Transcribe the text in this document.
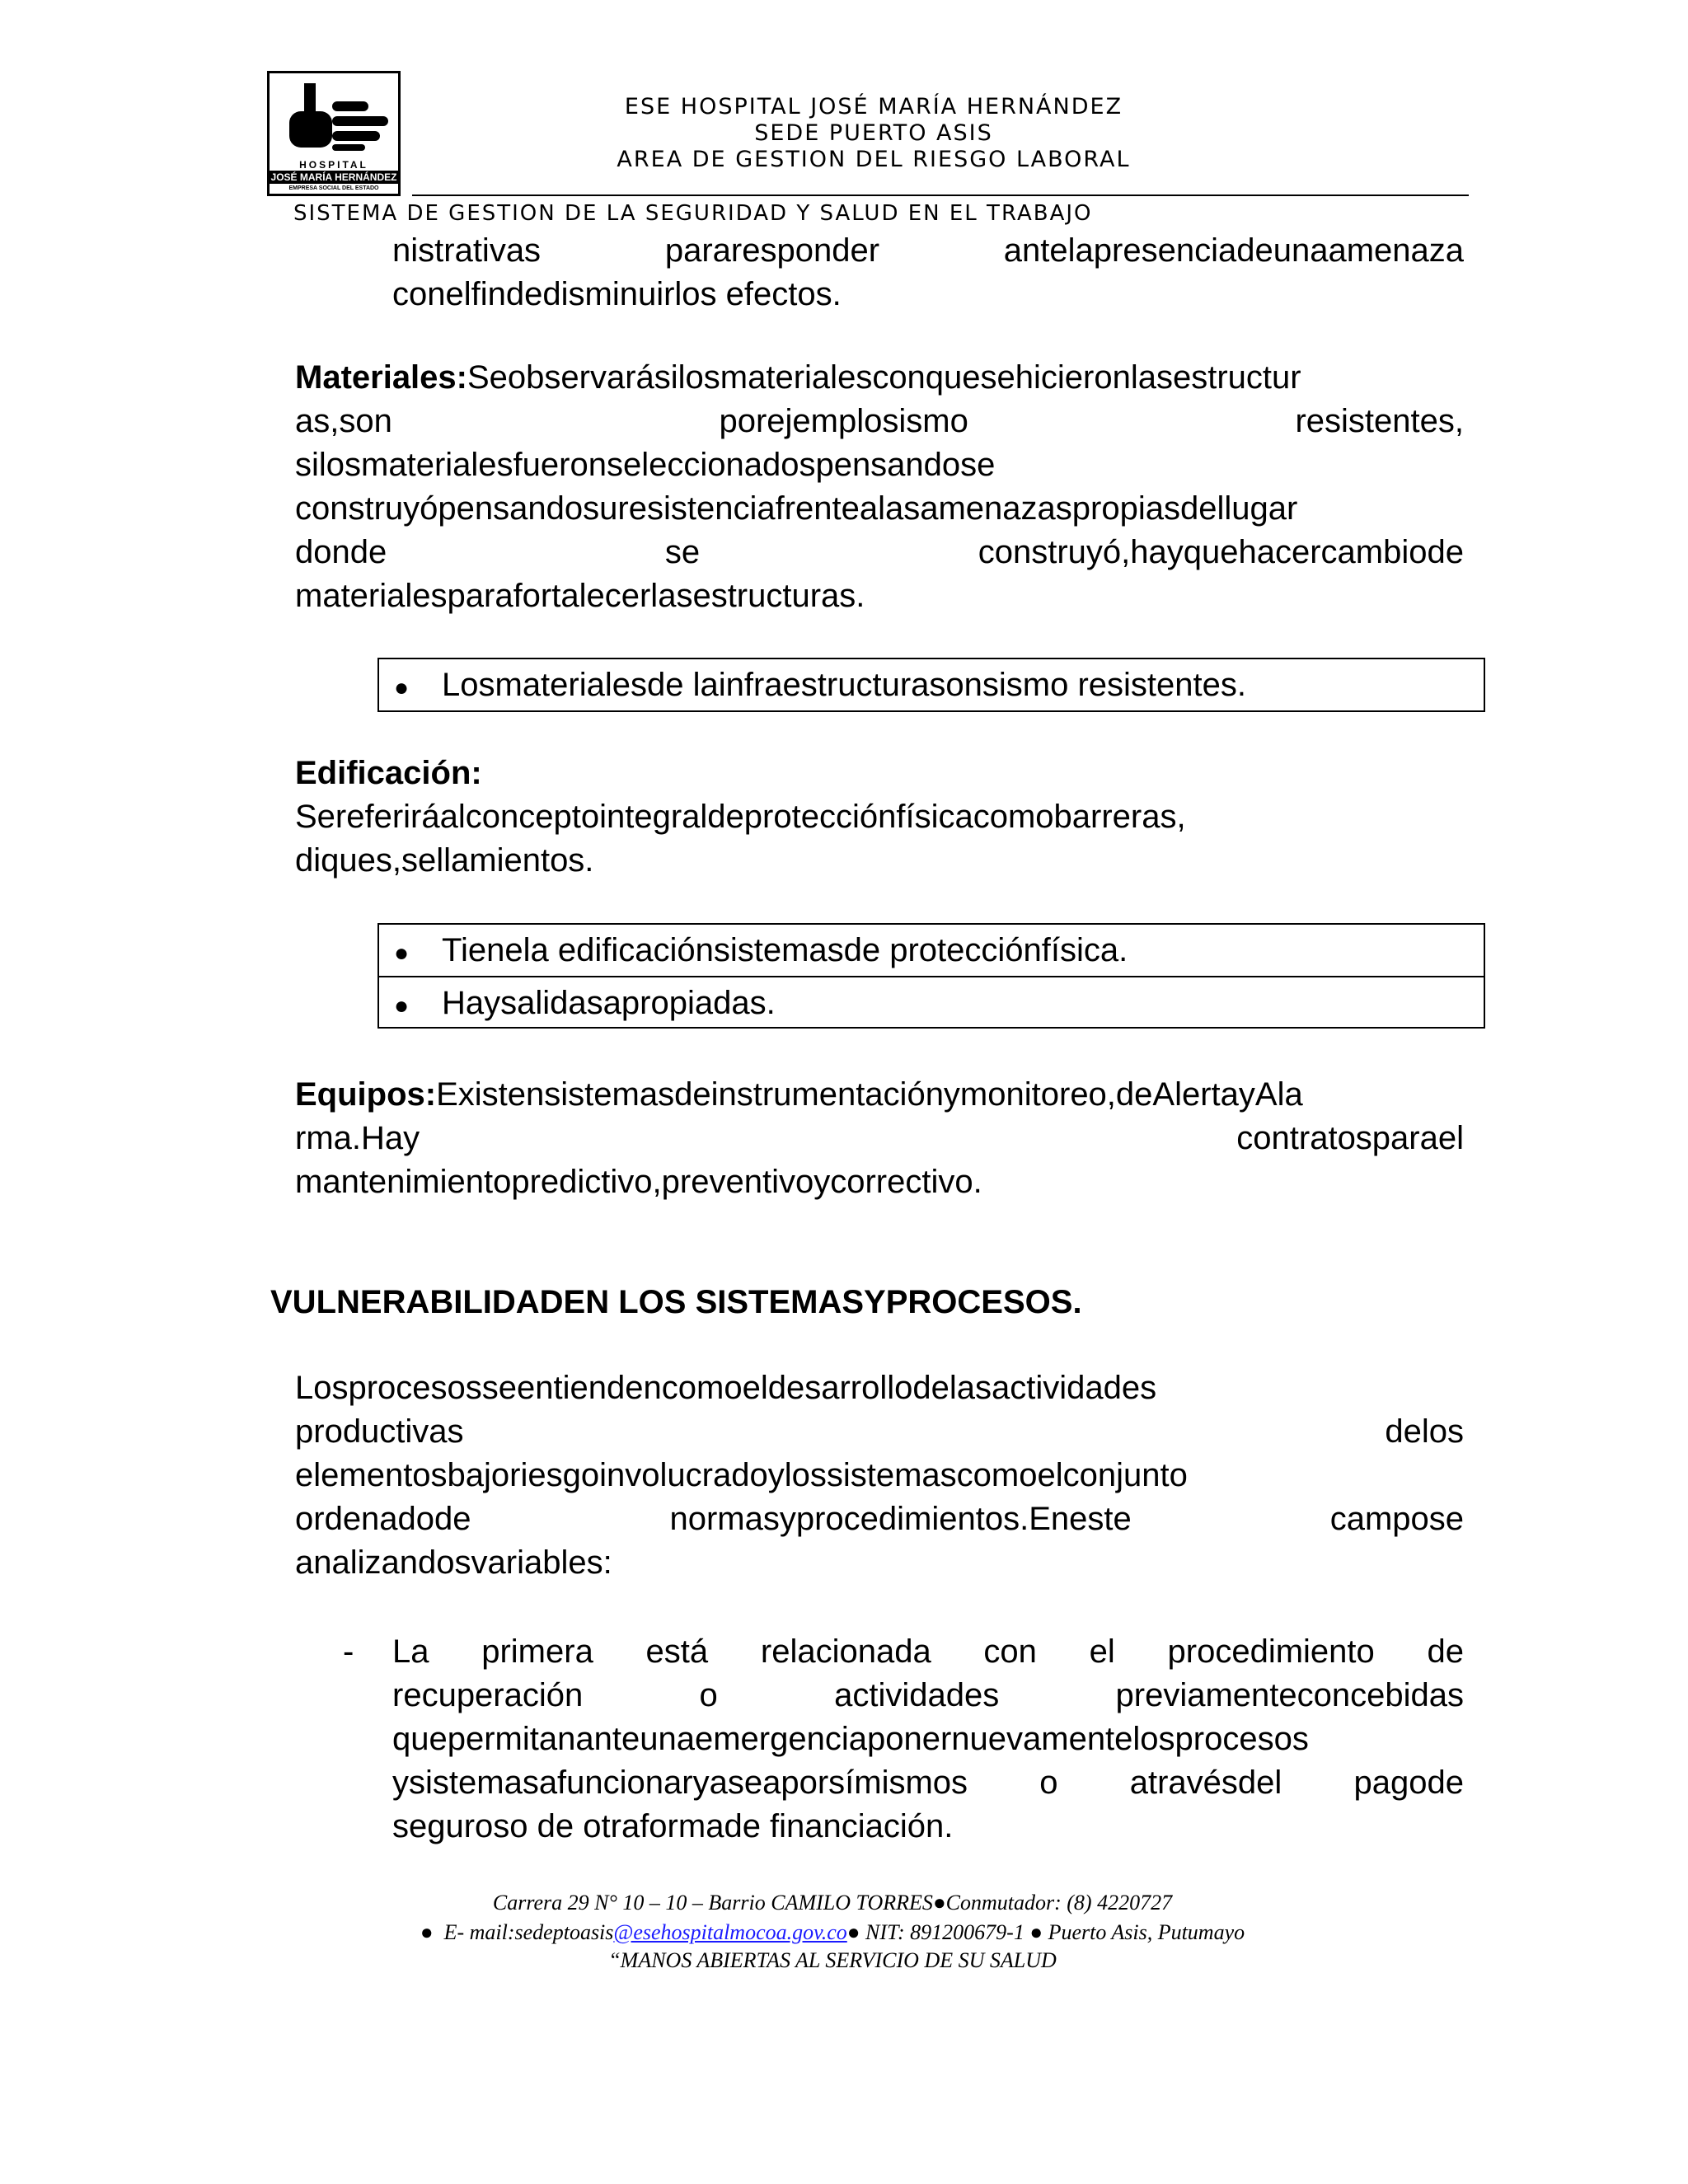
HOSPITAL
JOSÉ MARÍA HERNÁNDEZ
EMPRESA SOCIAL DEL ESTADO
ESE HOSPITAL JOSÉ MARÍA HERNÁNDEZ
SEDE PUERTO ASIS
AREA DE GESTION DEL RIESGO LABORAL
SISTEMA DE GESTION DE LA SEGURIDAD Y SALUD EN EL TRABAJO
nistrativas pararesponder antelapresenciadeunaamenaza
conelfindedisminuirlos efectos.
Materiales:Seobservarásilosmaterialesconquesehicieronlasestructur
as,son porejemplosismo resistentes,
silosmaterialesfueronseleccionadospensandose
construyópensandosuresistenciafrentealasamenazaspropiasdellugar
donde se construyó,hayquehacercambiode
materialesparafortalecerlasestructuras.
● Losmaterialesde lainfraestructurasonsismo resistentes.
Edificación:
Sereferiráalconceptointegraldeprotecciónfísicacomobarreras,
diques,sellamientos.
● Tienela edificaciónsistemasde protecciónfísica.
● Haysalidasapropiadas.
Equipos:Existensistemasdeinstrumentaciónymonitoreo,deAlertayAla
rma.Hay contratosparael
mantenimientopredictivo,preventivoycorrectivo.
VULNERABILIDADEN LOS SISTEMASYPROCESOS.
Losprocesosseentiendencomoeldesarrollodelasactividades
productivas delos
elementosbajoriesgoinvolucradoylossistemascomoelconjunto
ordenadode normasyprocedimientos.Eneste campose
analizandosvariables:
-	La primera está relacionada con el procedimiento de
recuperación o actividades previamenteconcebidas
quepermitananteunaemergenciaponernuevamentelosprocesos
ysistemasafuncionaryaseaporsímismos o atravésdel pagode
seguroso de otraformade financiación.
Carrera 29 N° 10 – 10 – Barrio CAMILO TORRES●Conmutador: (8) 4220727
●  E- mail:sedeptoasis@esehospitalmocoa.gov.co● NIT: 891200679-1 ● Puerto Asis, Putumayo
“MANOS ABIERTAS AL SERVICIO DE SU SALUD
